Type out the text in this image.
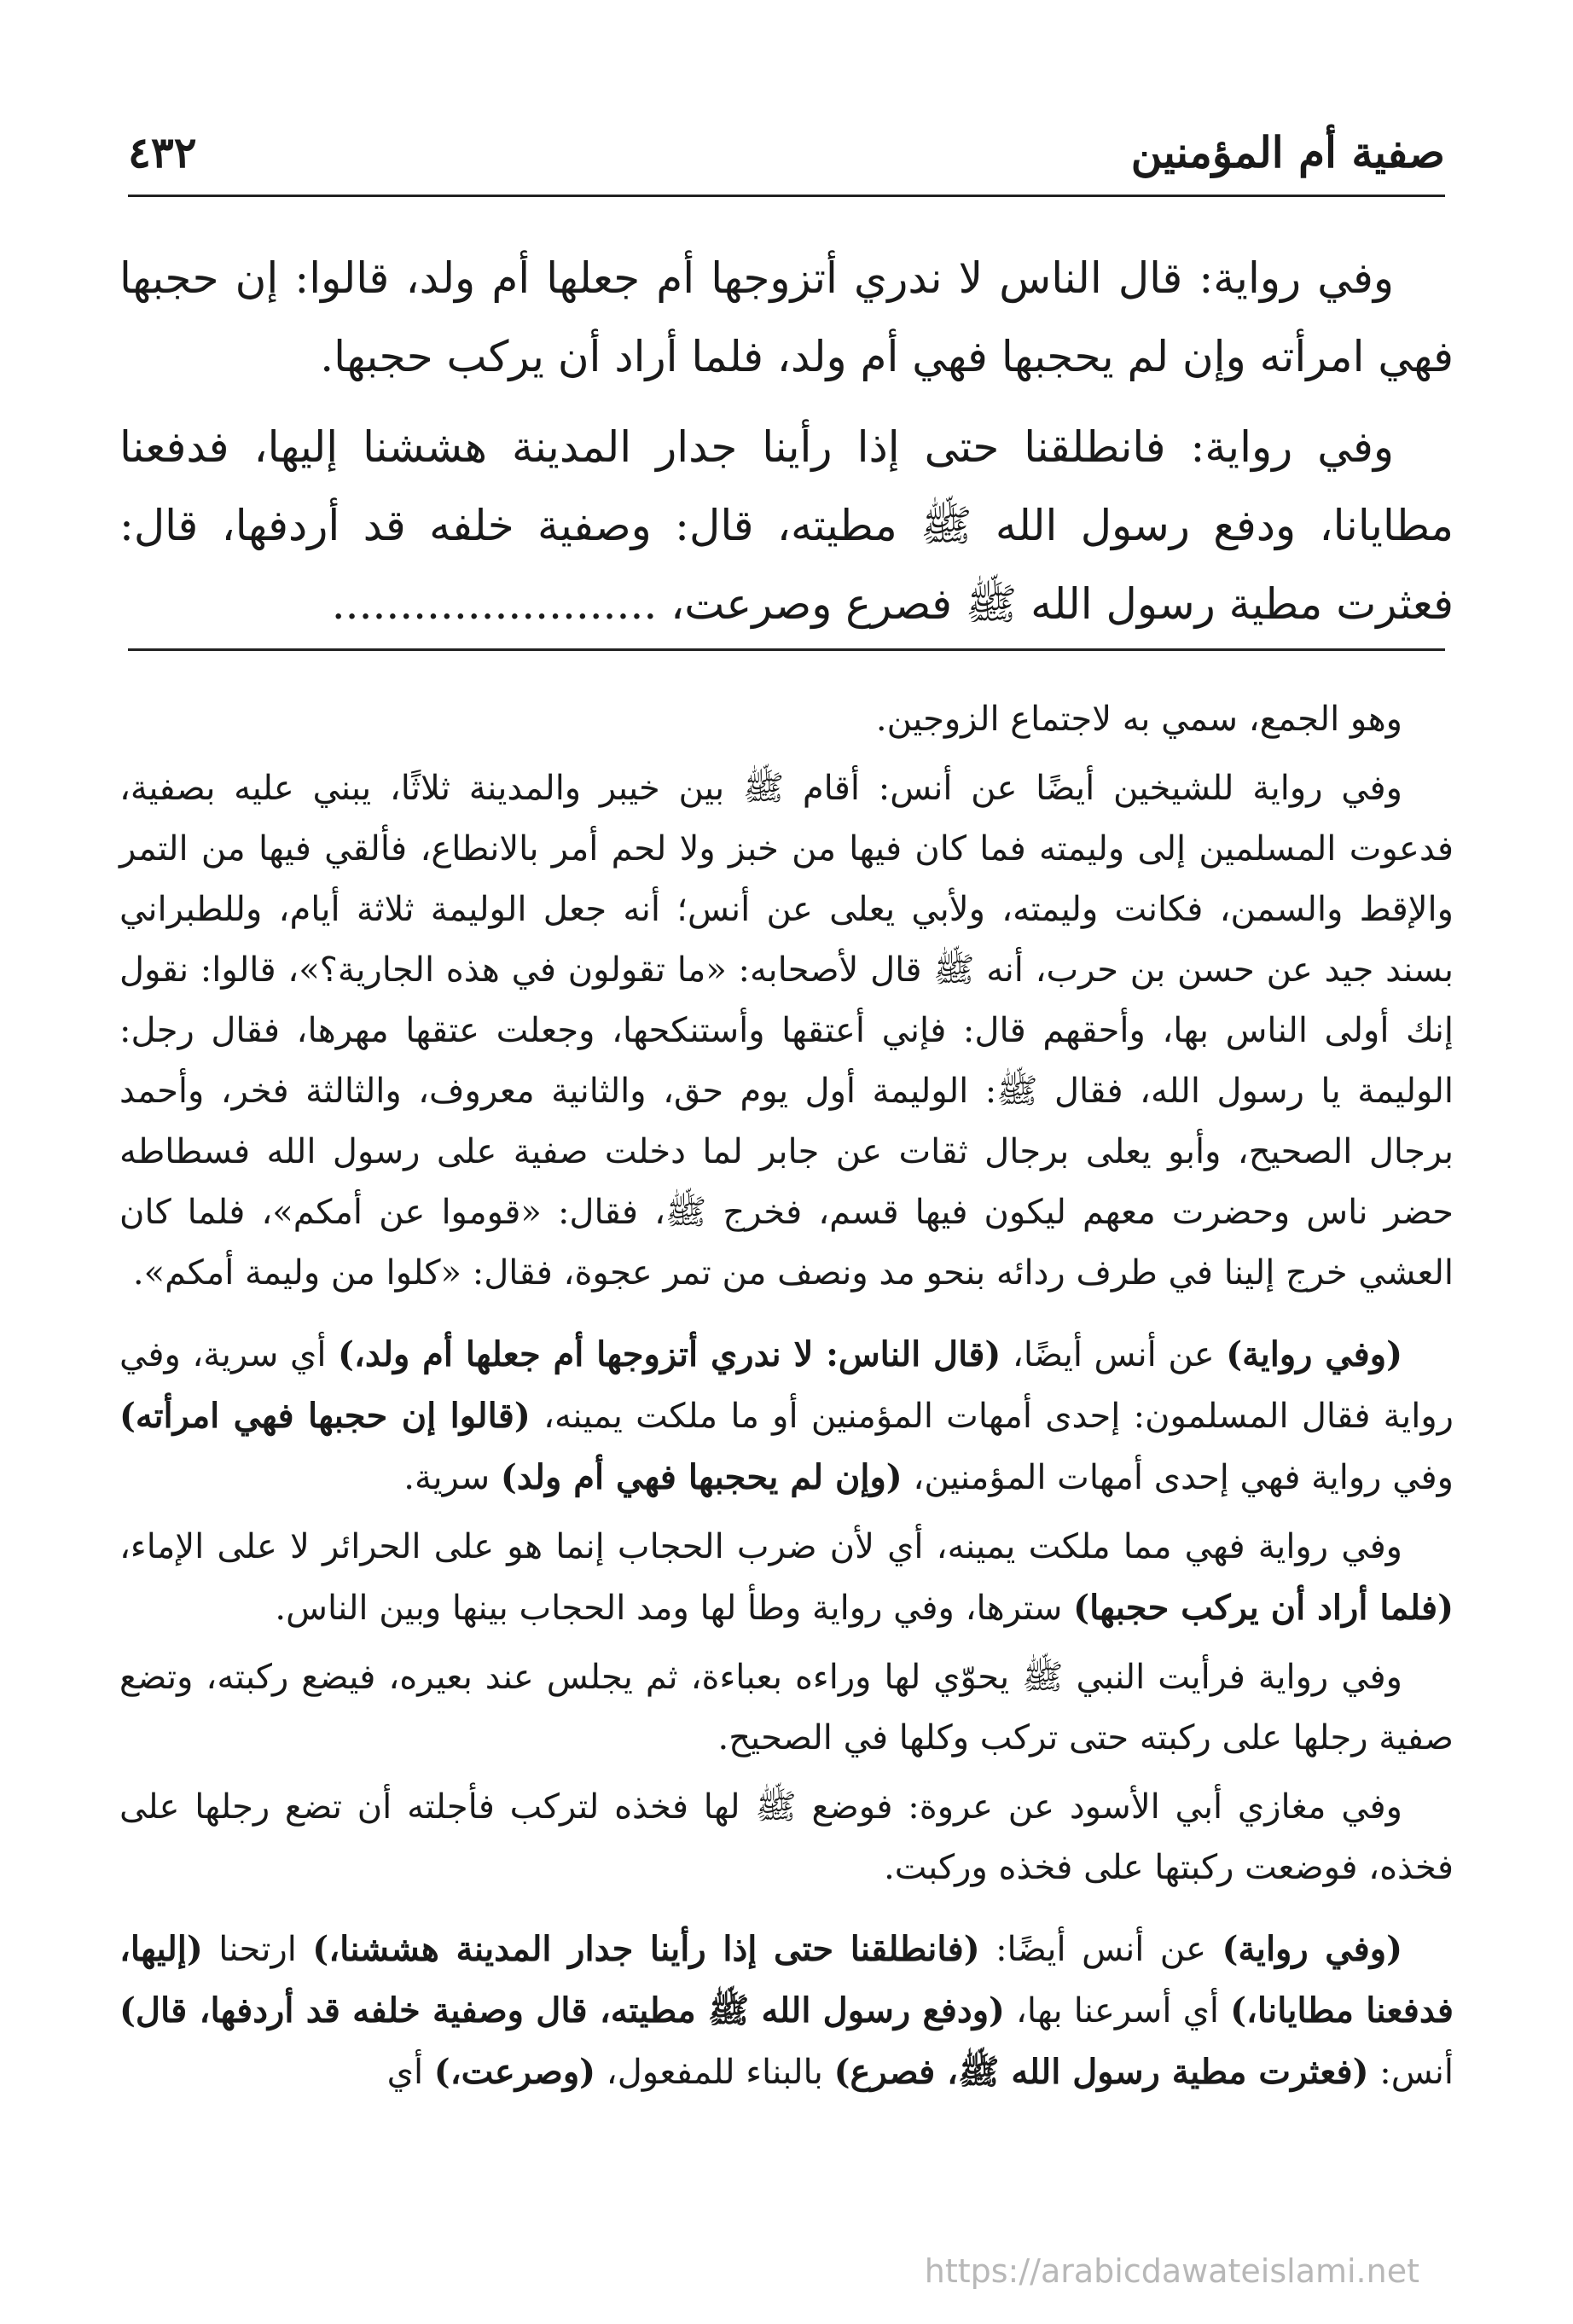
٤٣٢	صفية أم المؤمنين

وفي رواية: قال الناس لا ندري أتزوجها أم جعلها أم ولد، قالوا: إن حجبها فهي امرأته وإن لم يحجبها فهي أم ولد، فلما أراد أن يركب حجبها.

وفي رواية: فانطلقنا حتى إذا رأينا جدار المدينة هششنا إليها، فدفعنا مطايانا، ودفع رسول الله ﷺ مطيته، قال: وصفية خلفه قد أردفها، قال: فعثرت مطية رسول الله ﷺ فصرع وصرعت، ........................

وهو الجمع، سمي به لاجتماع الزوجين.

وفي رواية للشيخين أيضًا عن أنس: أقام ﷺ بين خيبر والمدينة ثلاثًا، يبني عليه بصفية، فدعوت المسلمين إلى وليمته فما كان فيها من خبز ولا لحم أمر بالانطاع، فألقي فيها من التمر والإقط والسمن، فكانت وليمته، ولأبي يعلى عن أنس؛ أنه جعل الوليمة ثلاثة أيام، وللطبراني بسند جيد عن حسن بن حرب، أنه ﷺ قال لأصحابه: «ما تقولون في هذه الجارية؟»، قالوا: نقول إنك أولى الناس بها، وأحقهم قال: فإني أعتقها وأستنكحها، وجعلت عتقها مهرها، فقال رجل: الوليمة يا رسول الله، فقال ﷺ: الوليمة أول يوم حق، والثانية معروف، والثالثة فخر، وأحمد برجال الصحيح، وأبو يعلى برجال ثقات عن جابر لما دخلت صفية على رسول الله فسطاطه حضر ناس وحضرت معهم ليكون فيها قسم، فخرج ﷺ، فقال: «قوموا عن أمكم»، فلما كان العشي خرج إلينا في طرف ردائه بنحو مد ونصف من تمر عجوة، فقال: «كلوا من وليمة أمكم».

(وفي رواية) عن أنس أيضًا، (قال الناس: لا ندري أتزوجها أم جعلها أم ولد،) أي سرية، وفي رواية فقال المسلمون: إحدى أمهات المؤمنين أو ما ملكت يمينه، (قالوا إن حجبها فهي امرأته) وفي رواية فهي إحدى أمهات المؤمنين، (وإن لم يحجبها فهي أم ولد) سرية.

وفي رواية فهي مما ملكت يمينه، أي لأن ضرب الحجاب إنما هو على الحرائر لا على الإماء، (فلما أراد أن يركب حجبها) سترها، وفي رواية وطأ لها ومد الحجاب بينها وبين الناس.

وفي رواية فرأيت النبي ﷺ يحوّي لها وراءه بعباءة، ثم يجلس عند بعيره، فيضع ركبته، وتضع صفية رجلها على ركبته حتى تركب وكلها في الصحيح.

وفي مغازي أبي الأسود عن عروة: فوضع ﷺ لها فخذه لتركب فأجلته أن تضع رجلها على فخذه، فوضعت ركبتها على فخذه وركبت.

(وفي رواية) عن أنس أيضًا: (فانطلقنا حتى إذا رأينا جدار المدينة هششنا،) ارتحنا (إليها، فدفعنا مطايانا،) أي أسرعنا بها، (ودفع رسول الله ﷺ مطيته، قال وصفية خلفه قد أردفها، قال) أنس: (فعثرت مطية رسول الله ﷺ، فصرع) بالبناء للمفعول، (وصرعت،) أي

https://arabicdawateislami.net
